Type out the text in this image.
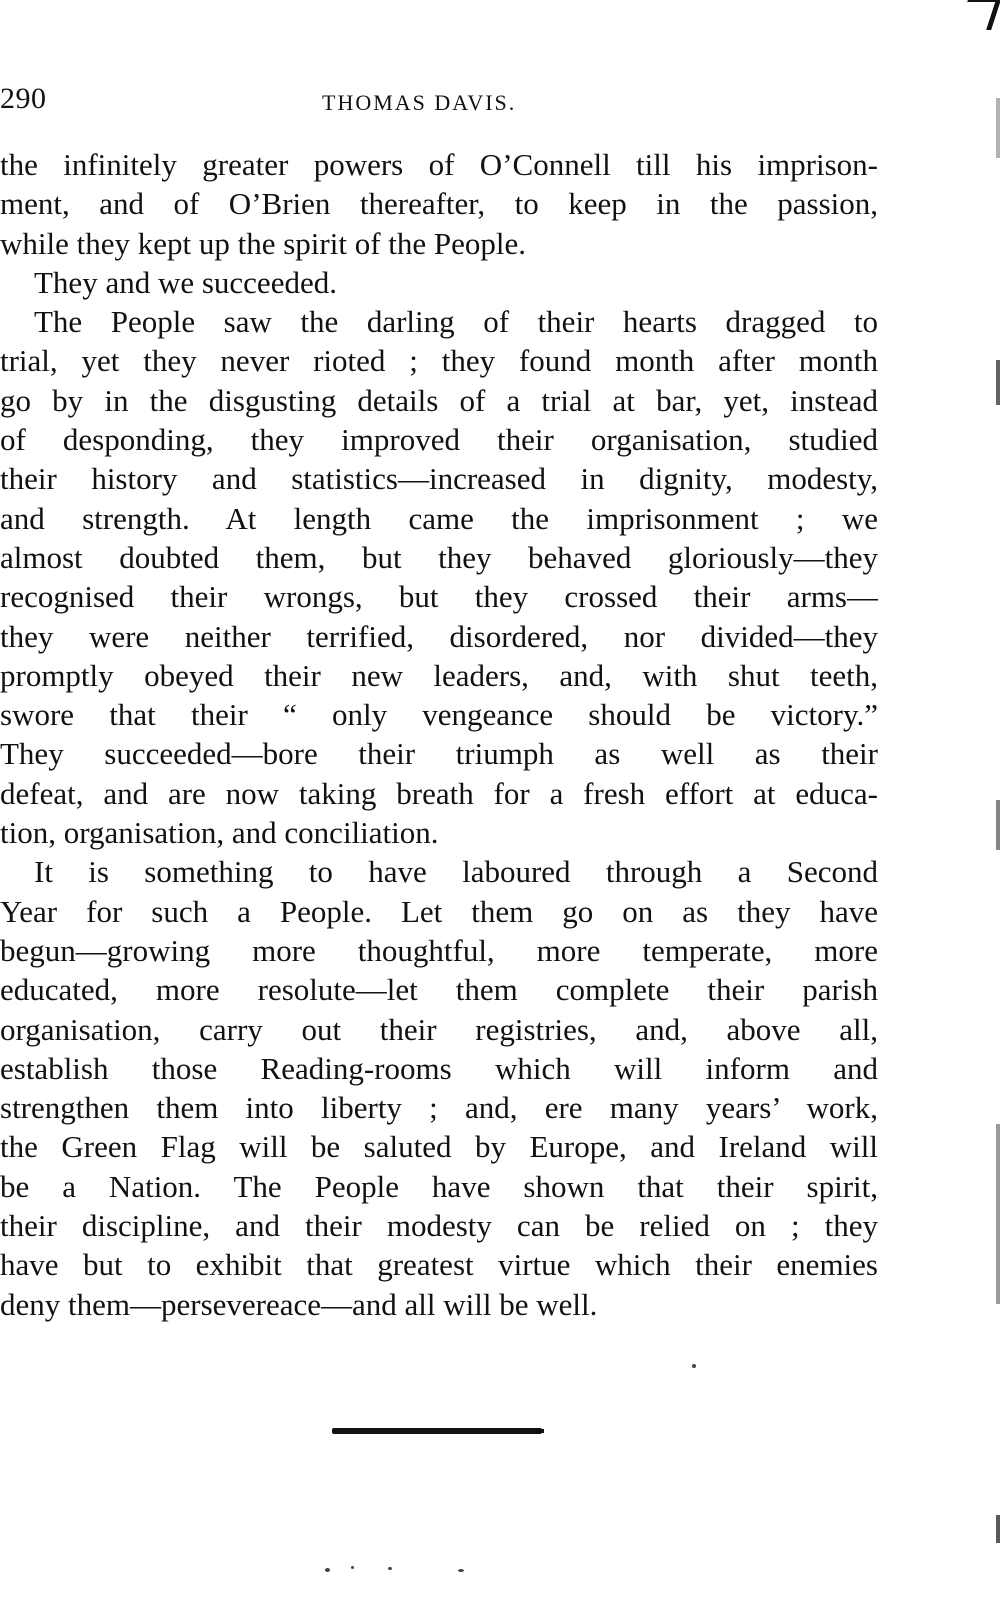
290	THOMAS DAVIS.
the infinitely greater powers of O’Connell till his imprison-
ment, and of O’Brien thereafter, to keep in the passion,
while they kept up the spirit of the People.
They and we succeeded.
The People saw the darling of their hearts dragged to
trial, yet they never rioted ; they found month after month
go by in the disgusting details of a trial at bar, yet, instead
of desponding, they improved their organisation, studied
their history and statistics—increased in dignity, modesty,
and strength. At length came the imprisonment ; we
almost doubted them, but they behaved gloriously—they
recognised their wrongs, but they crossed their arms—
they were neither terrified, disordered, nor divided—they
promptly obeyed their new leaders, and, with shut teeth,
swore that their “ only vengeance should be victory.”
They succeeded—bore their triumph as well as their
defeat, and are now taking breath for a fresh effort at educa-
tion, organisation, and conciliation.
It is something to have laboured through a Second
Year for such a People. Let them go on as they have
begun—growing more thoughtful, more temperate, more
educated, more resolute—let them complete their parish
organisation, carry out their registries, and, above all,
establish those Reading-rooms which will inform and
strengthen them into liberty ; and, ere many years’ work,
the Green Flag will be saluted by Europe, and Ireland will
be a Nation. The People have shown that their spirit,
their discipline, and their modesty can be relied on ; they
have but to exhibit that greatest virtue which their enemies
deny them—persevereace—and all will be well.
